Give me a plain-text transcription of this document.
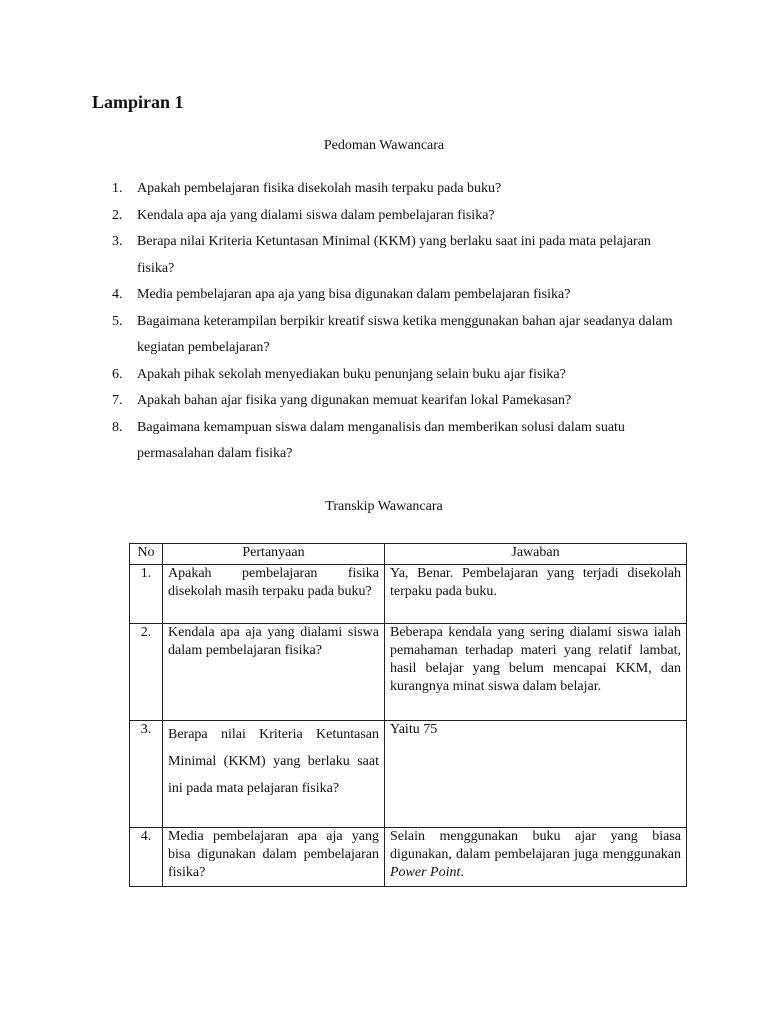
Lampiran 1

Pedoman Wawancara

1.	Apakah pembelajaran fisika disekolah masih terpaku pada buku?
2.	Kendala apa aja yang dialami siswa dalam pembelajaran fisika?
3.	Berapa nilai Kriteria Ketuntasan Minimal (KKM) yang berlaku saat ini pada mata pelajaran fisika?
4.	Media pembelajaran apa aja yang bisa digunakan dalam pembelajaran fisika?
5.	Bagaimana keterampilan berpikir kreatif siswa ketika menggunakan bahan ajar seadanya dalam kegiatan pembelajaran?
6.	Apakah pihak sekolah menyediakan buku penunjang selain buku ajar fisika?
7.	Apakah bahan ajar fisika yang digunakan memuat kearifan lokal Pamekasan?
8.	Bagaimana kemampuan siswa dalam menganalisis dan memberikan solusi dalam suatu permasalahan dalam fisika?

Transkip Wawancara

No	Pertanyaan	Jawaban
1.	Apakah pembelajaran fisika disekolah masih terpaku pada buku?	Ya, Benar. Pembelajaran yang terjadi disekolah terpaku pada buku.
2.	Kendala apa aja yang dialami siswa dalam pembelajaran fisika?	Beberapa kendala yang sering dialami siswa ialah pemahaman terhadap materi yang relatif lambat, hasil belajar yang belum mencapai KKM, dan kurangnya minat siswa dalam belajar.
3.	Berapa nilai Kriteria Ketuntasan Minimal (KKM) yang berlaku saat ini pada mata pelajaran fisika?	Yaitu 75
4.	Media pembelajaran apa aja yang bisa digunakan dalam pembelajaran fisika?	Selain menggunakan buku ajar yang biasa digunakan, dalam pembelajaran juga menggunakan Power Point.
